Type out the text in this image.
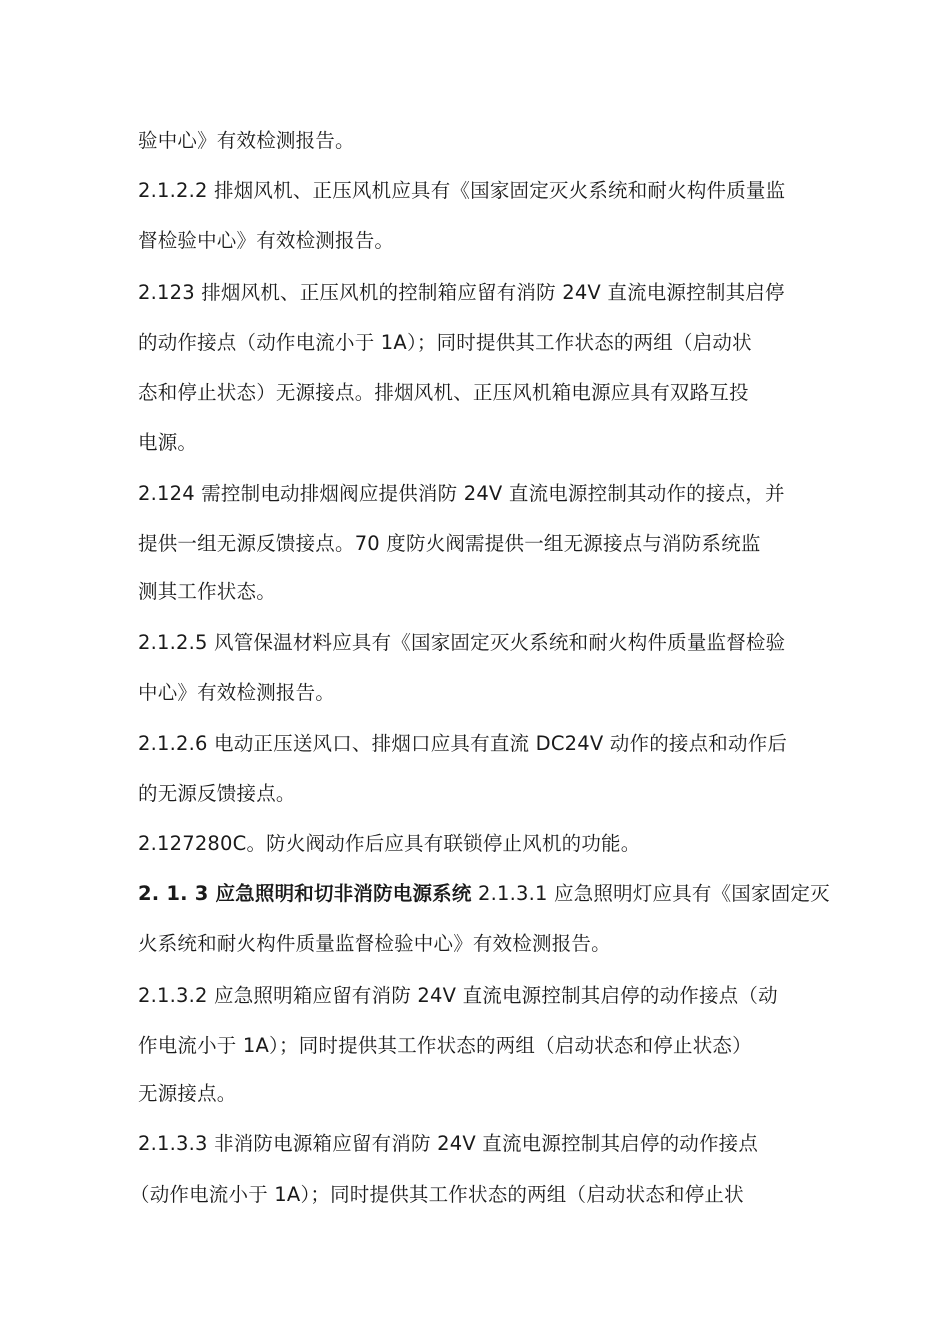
验中心》有效检测报告。
2.1.2.2 排烟风机、正压风机应具有《国家固定灭火系统和耐火构件质量监
督检验中心》有效检测报告。
2.123 排烟风机、正压风机的控制箱应留有消防 24V 直流电源控制其启停
的动作接点（动作电流小于 1A）；同时提供其工作状态的两组（启动状
态和停止状态）无源接点。排烟风机、正压风机箱电源应具有双路互投
电源。
2.124 需控制电动排烟阀应提供消防 24V 直流电源控制其动作的接点，并
提供一组无源反馈接点。70 度防火阀需提供一组无源接点与消防系统监
测其工作状态。
2.1.2.5 风管保温材料应具有《国家固定灭火系统和耐火构件质量监督检验
中心》有效检测报告。
2.1.2.6 电动正压送风口、排烟口应具有直流 DC24V 动作的接点和动作后
的无源反馈接点。
2.127280C。防火阀动作后应具有联锁停止风机的功能。
2. 1. 3 应急照明和切非消防电源系统 2.1.3.1 应急照明灯应具有《国家固定灭
火系统和耐火构件质量监督检验中心》有效检测报告。
2.1.3.2 应急照明箱应留有消防 24V 直流电源控制其启停的动作接点（动
作电流小于 1A）；同时提供其工作状态的两组（启动状态和停止状态）
无源接点。
2.1.3.3 非消防电源箱应留有消防 24V 直流电源控制其启停的动作接点
（动作电流小于 1A）；同时提供其工作状态的两组（启动状态和停止状
